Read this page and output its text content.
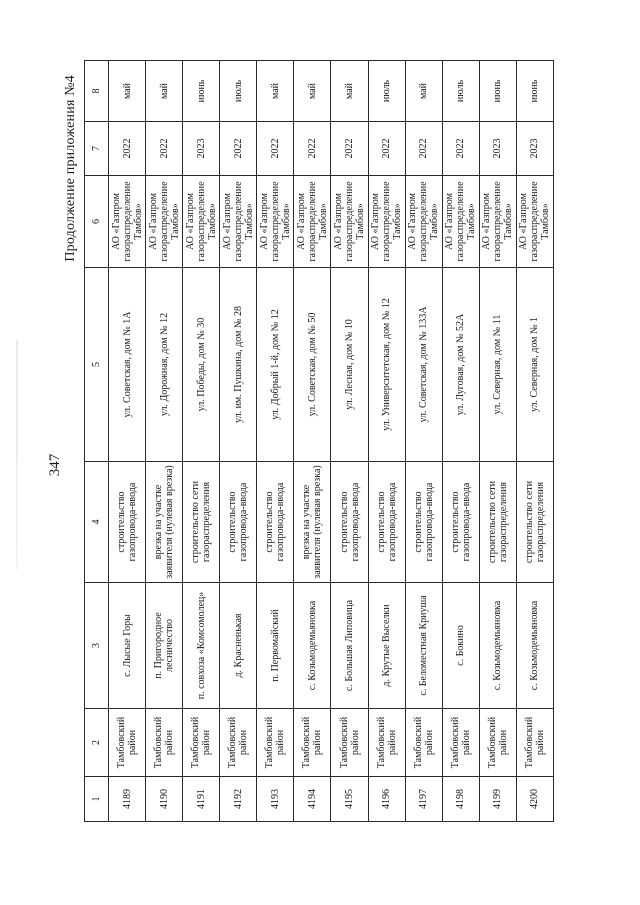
347
Продолжение приложения №4
1	2	3	4	5	6	7	8
4189	Тамбовский район	с. Лысые Горы	строительство газопровода-ввода	ул. Советская, дом № 1А	АО «Газпром газораспределение Тамбов»	2022	май
4190	Тамбовский район	п. Пригородное лесничество	врезка на участке заявителя (нулевая врезка)	ул. Дорожная, дом № 12	АО «Газпром газораспределение Тамбов»	2022	май
4191	Тамбовский район	п. совхоза «Комсомолец»	строительство сети газораспределения	ул. Победы, дом № 30	АО «Газпром газораспределение Тамбов»	2023	июнь
4192	Тамбовский район	д. Красненькая	строительство газопровода-ввода	ул. им. Пушкина, дом № 28	АО «Газпром газораспределение Тамбов»	2022	июль
4193	Тамбовский район	п. Первомайский	строительство газопровода-ввода	ул. Добрый 1-й, дом № 12	АО «Газпром газораспределение Тамбов»	2022	май
4194	Тамбовский район	с. Козьмодемьяновка	врезка на участке заявителя (нулевая врезка)	ул. Советская, дом № 50	АО «Газпром газораспределение Тамбов»	2022	май
4195	Тамбовский район	с. Большая Липовица	строительство газопровода-ввода	ул. Лесная, дом № 10	АО «Газпром газораспределение Тамбов»	2022	май
4196	Тамбовский район	д. Крутые Выселки	строительство газопровода-ввода	ул. Университетская, дом № 12	АО «Газпром газораспределение Тамбов»	2022	июль
4197	Тамбовский район	с. Беломестная Криуша	строительство газопровода-ввода	ул. Советская, дом № 133А	АО «Газпром газораспределение Тамбов»	2022	май
4198	Тамбовский район	с. Бокино	строительство газопровода-ввода	ул. Луговая, дом № 52А	АО «Газпром газораспределение Тамбов»	2022	июль
4199	Тамбовский район	с. Козьмодемьяновка	строительство сети газораспределения	ул. Северная, дом № 11	АО «Газпром газораспределение Тамбов»	2023	июнь
4200	Тамбовский район	с. Козьмодемьяновка	строительство сети газораспределения	ул. Северная, дом № 1	АО «Газпром газораспределение Тамбов»	2023	июнь
